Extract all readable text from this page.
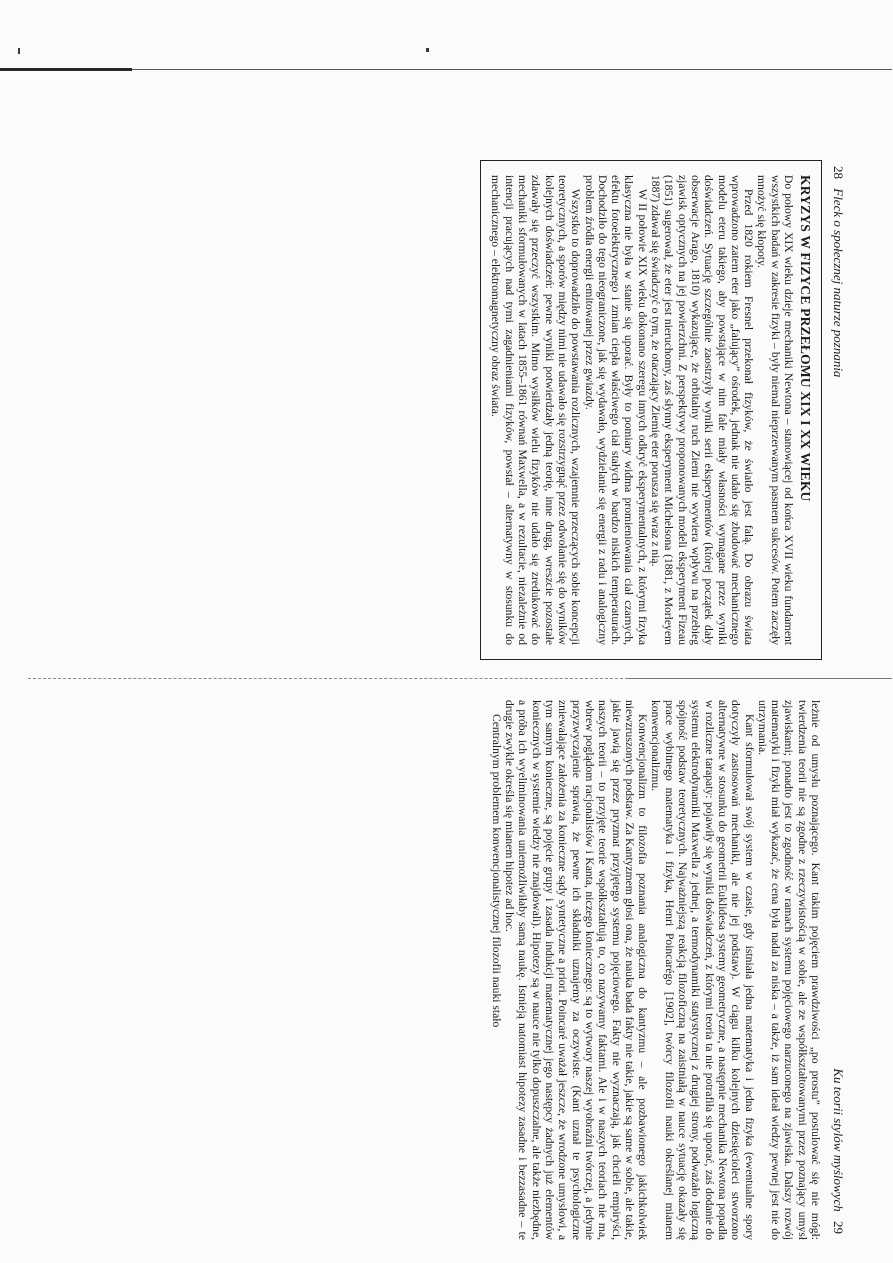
28 Fleck o społecznej naturze poznania
KRYZYS W FIZYCE PRZEŁOMU XIX I XX WIEKU

Do połowy XIX wieku dzieje mechaniki Newtona – stanowiącej od końca XVII wieku fundament wszystkich badań w zakresie fizyki – były niemal nieprzerwanym pasmem sukcesów. Potem zaczęły mnożyć się kłopoty.

Przed 1820 rokiem Fresnel przekonał fizyków, że światło jest falą. Do obrazu świata wprowadzono zatem eter jako „falujący” ośrodek, jednak nie udało się zbudować mechanicznego modelu eteru takiego, aby powstające w nim fale miały własności wymagane przez wyniki doświadczeń. Sytuację szczególnie zaostrzyły wyniki serii eksperymentów (której początek dały obserwacje Arago, 1810) wykazujące, że orbitalny ruch Ziemi nie wywiera wpływu na przebieg zjawisk optycznych na jej powierzchni. Z perspektywy proponowanych modeli eksperyment Fizeau (1851) sugerował, że eter jest nieruchomy, zaś słynny eksperyment Michelsona (1881, z Morleyem 1887) zdawał się świadczyć o tym, że otaczający Ziemię eter porusza się wraz z nią.

W II połowie XIX wieku dokonano szeregu innych odkryć eksperymentalnych, z którymi fizyka klasyczna nie była w stanie się uporać. Były to pomiary widma promieniowania ciał czarnych, efektu fotoelektrycznego i zmian ciepła właściwego ciał stałych w bardzo niskich temperaturach. Dochodziło do tego nieograniczone, jak się wydawało, wydzielanie się energii z radu i analogiczny problem źródła energii emitowanej przez gwiazdy.

Wszystko to doprowadziło do powstawania rozlicznych, wzajemnie przeczących sobie koncepcji teoretycznych, a sporów między nimi nie udawało się rozstrzygnąć przez odwołanie się do wyników kolejnych doświadczeń: pewne wyniki potwierdzały jedną teorię, inne drugą, wreszcie pozostałe zdawały się przeczyć wszystkim. Mimo wysiłków wielu fizyków nie udało się zredukować do mechaniki sformułowanych w latach 1855–1861 równań Maxwella, a w rezultacie, niezależnie od intencji pracujących nad tymi zagadnieniami fizyków, powstał – alternatywny w stosunku do mechanicznego – elektromagnetyczny obraz świata.

Ku teorii stylów myślowych 29

leżnie od umysłu poznającego. Kant takim pojęciem prawdziwości „po prostu” postulować się nie mógł: twierdzenia teorii nie są zgodne z rzeczywistością w sobie, ale ze współkształtowanymi przez poznający umysł zjawiskami; ponadto jest to zgodność w ramach systemu pojęciowego narzuconego na zjawiska. Dalszy rozwój matematyki i fizyki miał wykazać, że cena była nadal za niska – a także, iż sam ideał wiedzy pewnej jest nie do utrzymania.

Kant sformułował swój system w czasie, gdy istniała jedna matematyka i jedna fizyka (ewentualne spory dotyczyły zastosowań mechaniki, ale nie jej podstaw). W ciągu kilku kolejnych dziesięcioleci stworzono alternatywne w stosunku do geometrii Euklidesa systemy geometryczne, a następnie mechanika Newtona popadła w rozliczne tarapaty: pojawiły się wyniki doświadczeń, z którymi teoria ta nie potrafiła się uporać, zaś dodanie do systemu elektrodynamiki Maxwella z jednej, a termodynamiki statystycznej z drugiej strony, podważało logiczną spójność podstaw teoretycznych. Najważniejszą reakcją filozoficzną na zaistniałą w nauce sytuację okazały się prace wybitnego matematyka i fizyka, Henri Poincarégo [1902], twórcy filozofii nauki określanej mianem konwencjonalizmu.

Konwencjonalizm to filozofia poznania analogiczna do kantyzmu – ale pozbawionego jakichkolwiek niewzruszonych podstaw. Za Kantyzmem głosi ona, że nauka bada fakty nie takie, jakie są same w sobie, ale takie, jakie jawią się przez pryzmat przyjętego systemu pojęciowego. Fakty nie wyznaczają, jak chcieli empiryści, naszych teorii – to przyjęte teorie współkształtują to, co nazywamy faktami. Ale i w naszych teoriach nie ma, wbrew poglądom racjonalistów i Kanta, niczego koniecznego: są to wytwory naszej wyobraźni twórczej, a jedynie przyzwyczajenie sprawia, że pewne ich składniki uznajemy za oczywiste. (Kant uznał te psychologiczne zniewalające założenia za konieczne sądy syntetyczne a priori. Poincaré uważał jeszcze, że wrodzone umysłowi, a tym samym konieczne, są pojęcie grupy i zasada indukcji matematycznej jego następcy żadnych już elementów koniecznych w systemie wiedzy nie znajdowali). Hipotezy są w nauce nie tylko dopuszczalne, ale także niezbędne, a próba ich wyeliminowania uniemożliwiłaby samą naukę. Istnieją natomiast hipotezy zasadne i bezzasadne – te drugie zwykle określa się mianem hipotez ad hoc.

Centralnym problemem konwencjonalistycznej filozofii nauki stało
